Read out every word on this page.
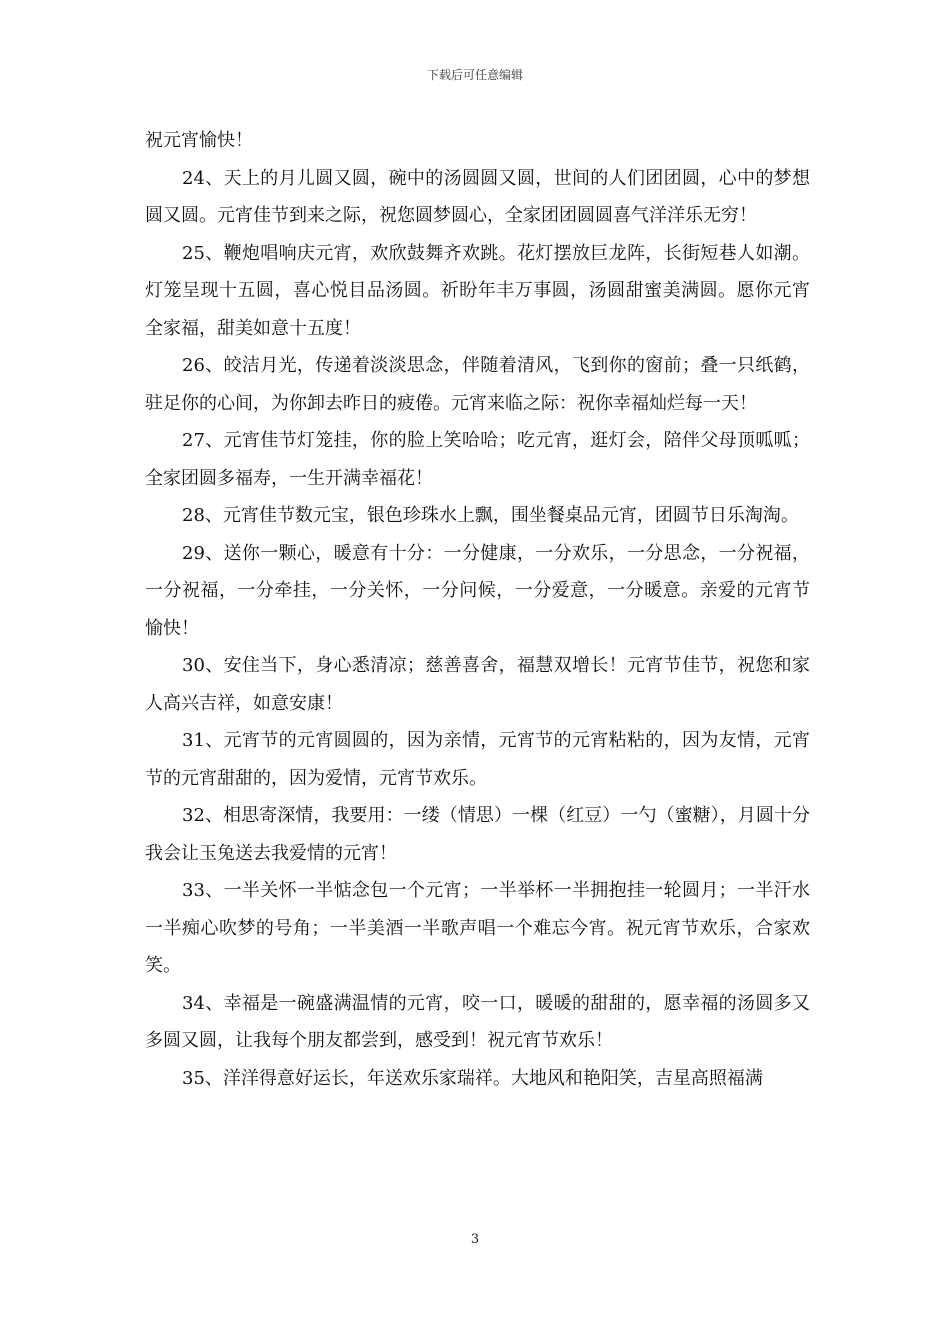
下载后可任意编辑

祝元宵愉快！

24、天上的月儿圆又圆，碗中的汤圆圆又圆，世间的人们团团圆，心中的梦想圆又圆。元宵佳节到来之际，祝您圆梦圆心，全家团团圆圆喜气洋洋乐无穷！

25、鞭炮唱响庆元宵，欢欣鼓舞齐欢跳。花灯摆放巨龙阵，长街短巷人如潮。灯笼呈现十五圆，喜心悦目品汤圆。祈盼年丰万事圆，汤圆甜蜜美满圆。愿你元宵全家福，甜美如意十五度！

26、皎洁月光，传递着淡淡思念，伴随着清风，飞到你的窗前；叠一只纸鹤，驻足你的心间，为你卸去昨日的疲倦。元宵来临之际：祝你幸福灿烂每一天！

27、元宵佳节灯笼挂，你的脸上笑哈哈；吃元宵，逛灯会，陪伴父母顶呱呱；全家团圆多福寿，一生开满幸福花！

28、元宵佳节数元宝，银色珍珠水上飘，围坐餐桌品元宵，团圆节日乐淘淘。

29、送你一颗心，暖意有十分：一分健康，一分欢乐，一分思念，一分祝福，一分祝福，一分牵挂，一分关怀，一分问候，一分爱意，一分暖意。亲爱的元宵节愉快！

30、安住当下，身心悉清凉；慈善喜舍，福慧双增长！元宵节佳节，祝您和家人高兴吉祥，如意安康！

31、元宵节的元宵圆圆的，因为亲情，元宵节的元宵粘粘的，因为友情，元宵节的元宵甜甜的，因为爱情，元宵节欢乐。

32、相思寄深情，我要用：一缕（情思）一棵（红豆）一勺（蜜糖），月圆十分我会让玉兔送去我爱情的元宵！

33、一半关怀一半惦念包一个元宵；一半举杯一半拥抱挂一轮圆月；一半汗水一半痴心吹梦的号角；一半美酒一半歌声唱一个难忘今宵。祝元宵节欢乐，合家欢笑。

34、幸福是一碗盛满温情的元宵，咬一口，暖暖的甜甜的，愿幸福的汤圆多又多圆又圆，让我每个朋友都尝到，感受到！祝元宵节欢乐！

35、洋洋得意好运长，年送欢乐家瑞祥。大地风和艳阳笑，吉星高照福满

3
